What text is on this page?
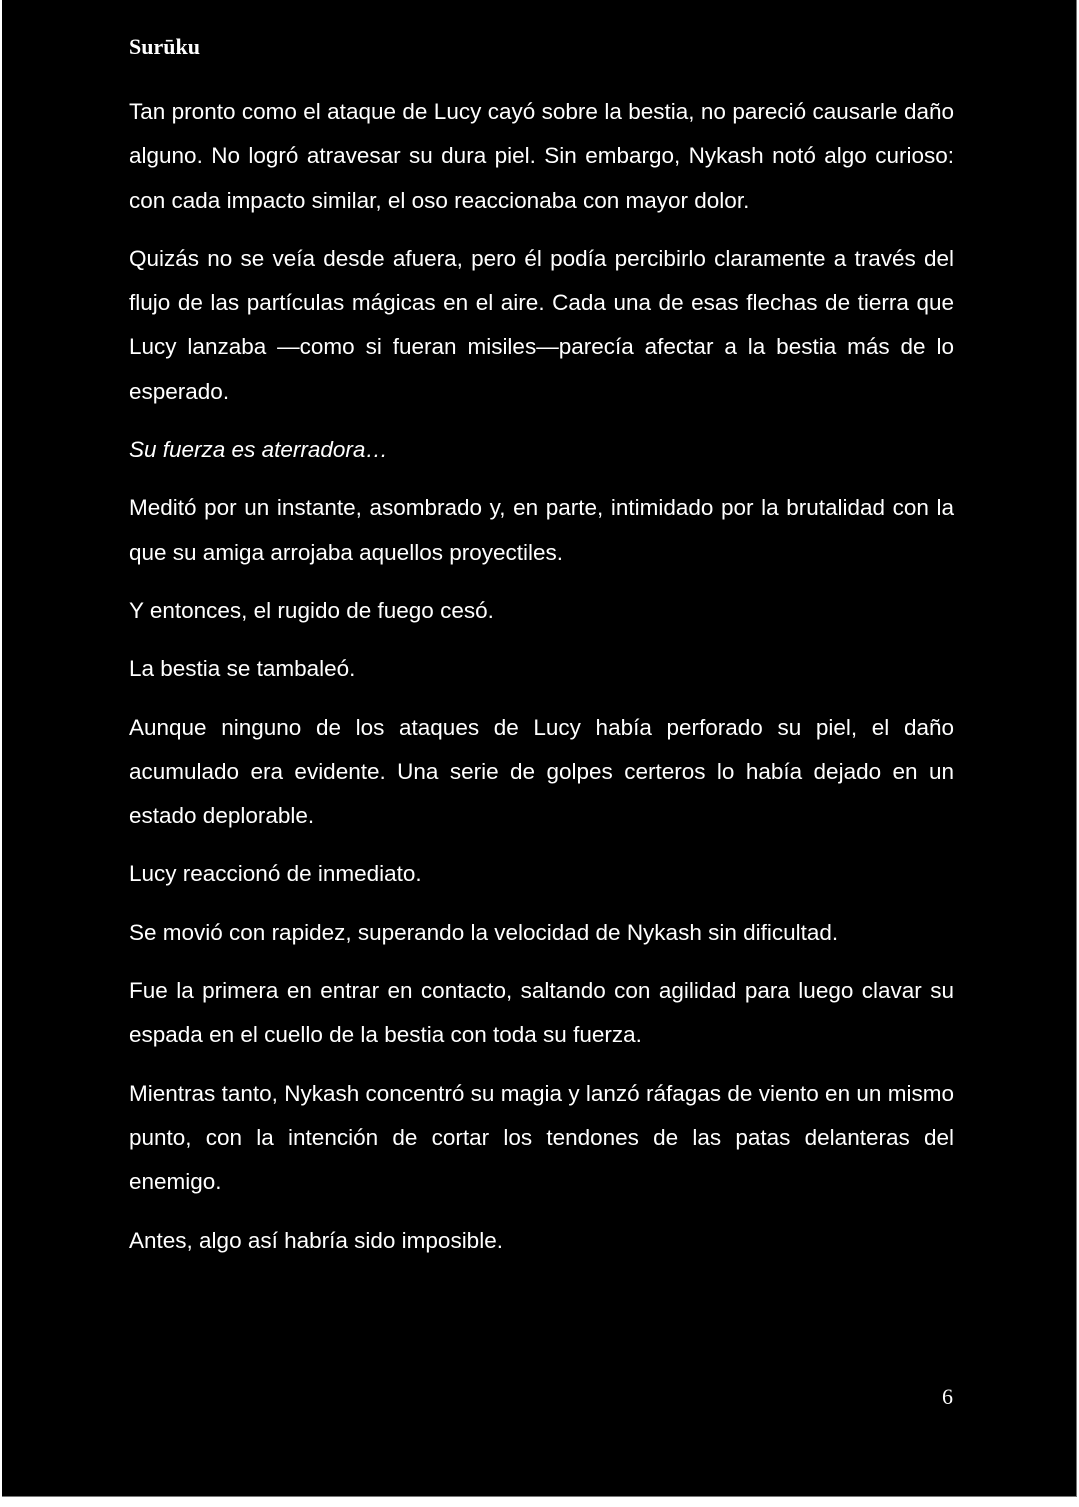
Surūku

Tan pronto como el ataque de Lucy cayó sobre la bestia, no pareció causarle daño alguno. No logró atravesar su dura piel. Sin embargo, Nykash notó algo curioso: con cada impacto similar, el oso reaccionaba con mayor dolor.

Quizás no se veía desde afuera, pero él podía percibirlo claramente a través del flujo de las partículas mágicas en el aire. Cada una de esas flechas de tierra que Lucy lanzaba —como si fueran misiles—parecía afectar a la bestia más de lo esperado.

Su fuerza es aterradora…

Meditó por un instante, asombrado y, en parte, intimidado por la brutalidad con la que su amiga arrojaba aquellos proyectiles.

Y entonces, el rugido de fuego cesó.

La bestia se tambaleó.

Aunque ninguno de los ataques de Lucy había perforado su piel, el daño acumulado era evidente. Una serie de golpes certeros lo había dejado en un estado deplorable.

Lucy reaccionó de inmediato.

Se movió con rapidez, superando la velocidad de Nykash sin dificultad.

Fue la primera en entrar en contacto, saltando con agilidad para luego clavar su espada en el cuello de la bestia con toda su fuerza.

Mientras tanto, Nykash concentró su magia y lanzó ráfagas de viento en un mismo punto, con la intención de cortar los tendones de las patas delanteras del enemigo.

Antes, algo así habría sido imposible.

6
